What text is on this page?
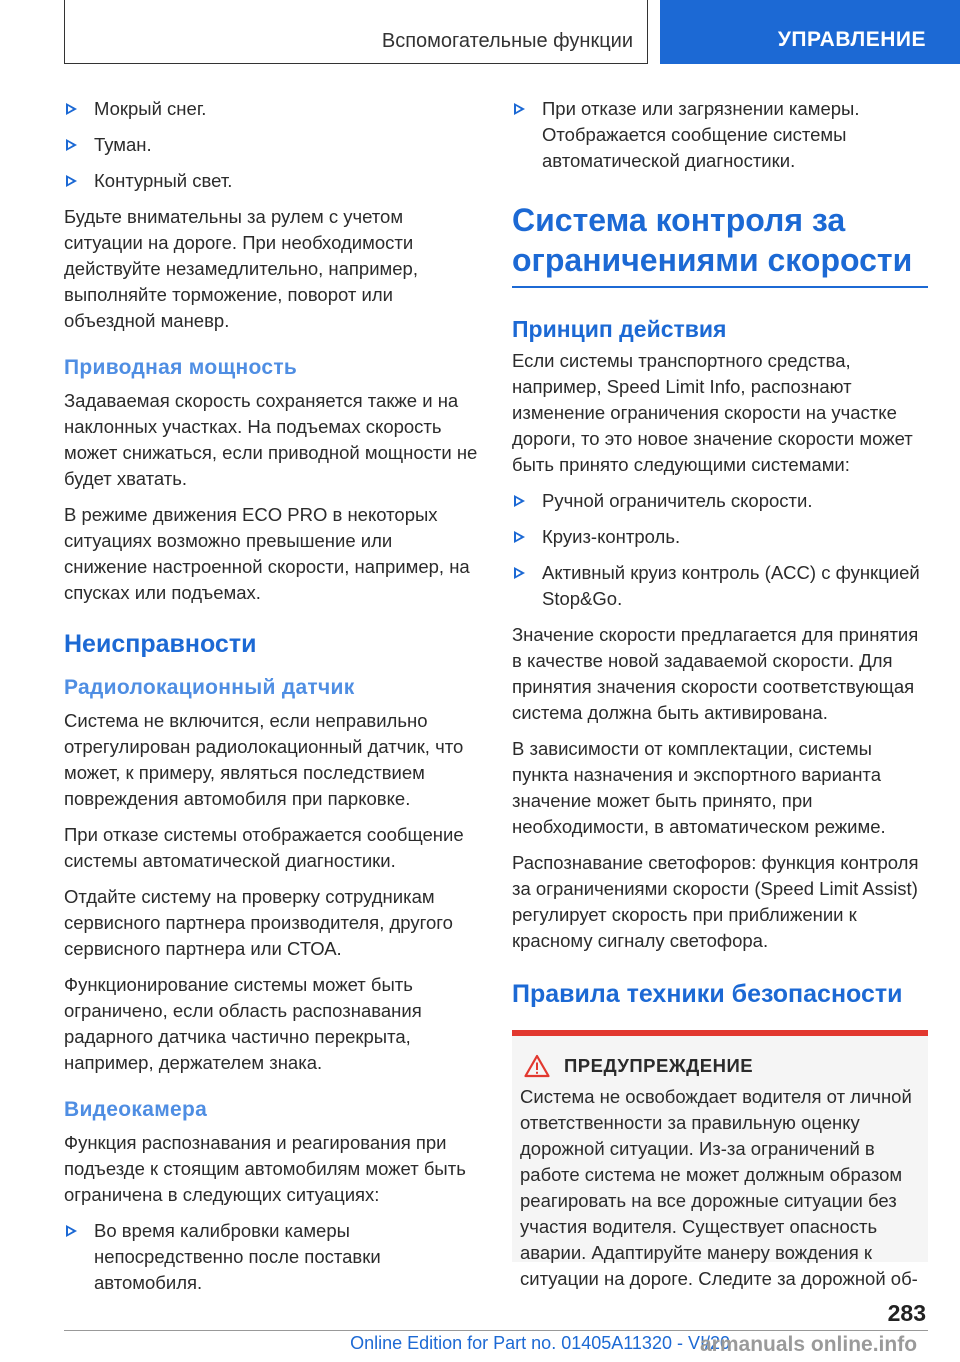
Вспомогательные функции	УПРАВЛЕНИЕ
Мокрый снег.
Туман.
Контурный свет.

Будьте внимательны за рулем с учетом ситуации на дороге. При необходимости действуйте незамедлительно, например, выполняйте торможение, поворот или объездной маневр.

Приводная мощность

Задаваемая скорость сохраняется также и на наклонных участках. На подъемах скорость может снижаться, если приводной мощности не будет хватать.

В режиме движения ECO PRO в некоторых ситуациях возможно превышение или снижение настроенной скорости, например, на спусках или подъемах.

Неисправности
Радиолокационный датчик

Система не включится, если неправильно отрегулирован радиолокационный датчик, что может, к примеру, являться последствием повреждения автомобиля при парковке.

При отказе системы отображается сообщение системы автоматической диагностики.

Отдайте систему на проверку сотрудникам сервисного партнера производителя, другого сервисного партнера или СТОА.

Функционирование системы может быть ограничено, если область распознавания радарного датчика частично перекрыта, например, держателем знака.

Видеокамера

Функция распознавания и реагирования при подъезде к стоящим автомобилям может быть ограничена в следующих ситуациях:

Во время калибровки камеры непосредственно после поставки автомобиля.
При отказе или загрязнении камеры. Отображается сообщение системы автоматической диагностики.
Система контроля за ограничениями скорости
Принцип действия

Если системы транспортного средства, например, Speed Limit Info, распознают изменение ограничения скорости на участке дороги, то это новое значение скорости может быть принято следующими системами:

Ручной ограничитель скорости.
Круиз-контроль.
Активный круиз контроль (ACC) с функцией Stop&Go.

Значение скорости предлагается для принятия в качестве новой задаваемой скорости. Для принятия значения скорости соответствующая система должна быть активирована.

В зависимости от комплектации, системы пункта назначения и экспортного варианта значение может быть принято, при необходимости, в автоматическом режиме.

Распознавание светофоров: функция контроля за ограничениями скорости (Speed Limit Assist) регулирует скорость при приближении к красному сигналу светофора.

Правила техники безопасности
ПРЕДУПРЕЖДЕНИЕ

Система не освобождает водителя от личной ответственности за правильную оценку дорожной ситуации. Из-за ограничений в работе система не может должным образом реагировать на все дорожные ситуации без участия водителя. Существует опасность аварии. Адаптируйте манеру вождения к ситуации на дороге. Следите за дорожной об-

283
Online Edition for Part no. 01405A11320 - VI/20
armanuals online.info
